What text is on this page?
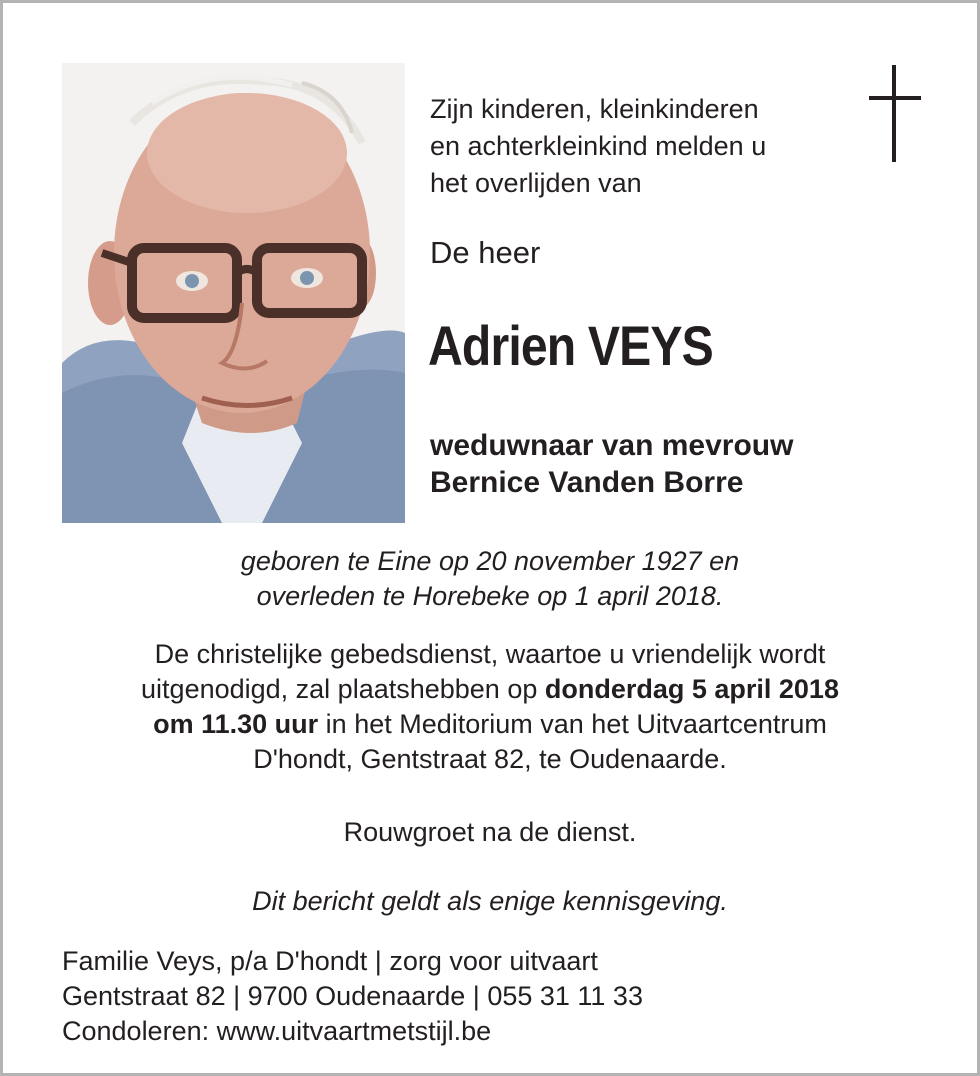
Zijn kinderen, kleinkinderen
en achterkleinkind melden u
het overlijden van
De heer
Adrien VEYS
weduwnaar van mevrouw
Bernice Vanden Borre
geboren te Eine op 20 november 1927 en
overleden te Horebeke op 1 april 2018.
De christelijke gebedsdienst, waartoe u vriendelijk wordt
uitgenodigd, zal plaatshebben op donderdag 5 april 2018
om 11.30 uur in het Meditorium van het Uitvaartcentrum
D'hondt, Gentstraat 82, te Oudenaarde.
Rouwgroet na de dienst.
Dit bericht geldt als enige kennisgeving.
Familie Veys, p/a D'hondt | zorg voor uitvaart
Gentstraat 82 | 9700 Oudenaarde | 055 31 11 33
Condoleren: www.uitvaartmetstijl.be
